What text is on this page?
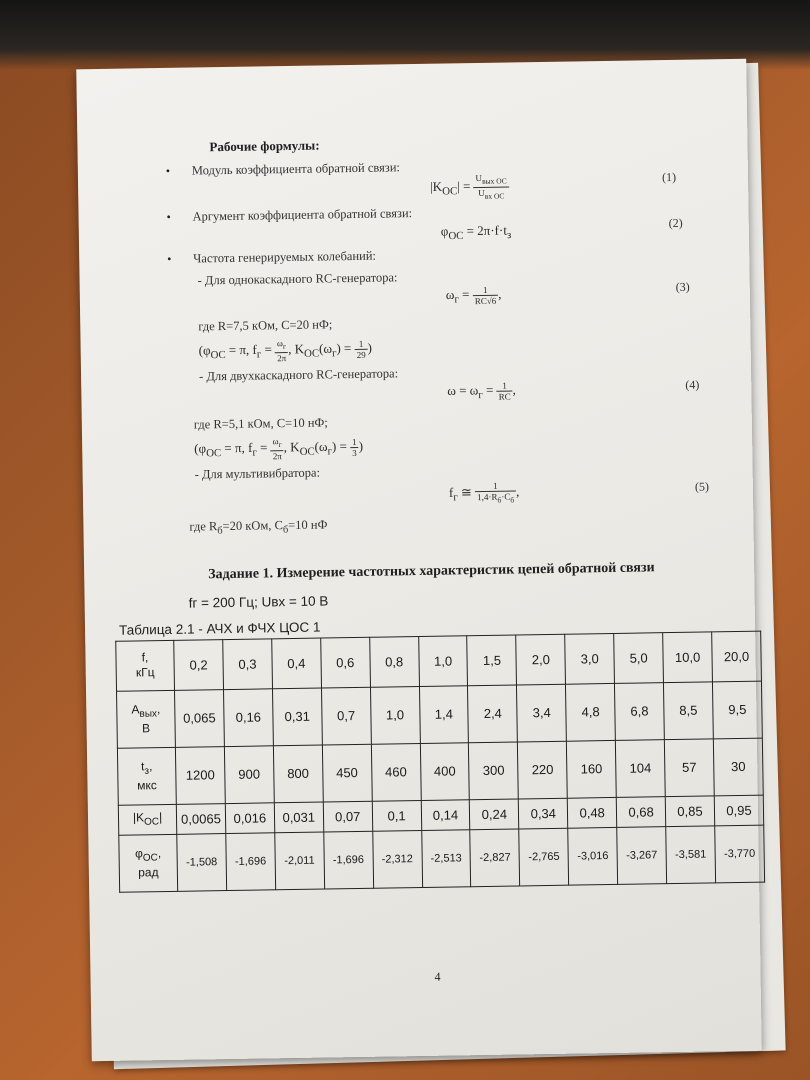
Рабочие формулы:
• Модуль коэффициента обратной связи:
$|K_{OC}| = \frac{U_{вых OC}}{U_{вх OC}}$	(1)
• Аргумент коэффициента обратной связи:
$\varphi_{OC} = 2\pi\cdot f\cdot t_з$
(2)
• Частота генерируемых колебаний:
- Для однокаскадного RC-генератора:
$\omega_г = \frac{1}{RC√6}$ ,	(3)
где R=7,5 кОм, C=20 нФ;
($\varphi_{OC} = \pi$, $f_г = \frac{\omega_г}{2\pi}$ , $K_{OC}(\omega_г) = \frac{1}{29}$ )
- Для двухкаскадного RC-генератора:
$\omega = \omega_г = \frac{1}{RC}$ ,	(4)
где R=5,1 кОм, C=10 нФ;
($\varphi_{OC} = \pi$, $f_г = \frac{\omega_г}{2\pi}$ , $K_{OC}(\omega_г) = \frac{1}{3}$ )
- Для мультивибратора:
$f_г$ ≅ $\frac{1}{1,4\cdot R_б\cdot C_б}$ ,	(5)
где $R_б=20$ кОм, $C_б=10$ нФ
Задание 1. Измерение частотных характеристик цепей обратной связи
fг = 200 Гц; Uвх = 10 В
Таблица 2.1 - АЧХ и ФЧХ ЦОС 1
f,
кГц	0,2	0,3	0,4	0,6	0,8	1,0	1,5	2,0	3,0	5,0	10,0	20,0
$A_{вых}$,
В	0,065	0,16	0,31	0,7	1,0	1,4	2,4	3,4	4,8	6,8	8,5	9,5
$t_з$,
мкс	1200	900	800	450	460	400	300	220	160	104	57	30
$|K_{OC}|$	0,0065	0,016	0,031	0,07	0,1	0,14	0,24	0,34	0,48	0,68	0,85	0,95
$\varphi_{OC}$,
рад	-1,508	-1,696	-2,011	-1,696	-2,312	-2,513	-2,827	-2,765	-3,016	-3,267	-3,581	-3,770
4
